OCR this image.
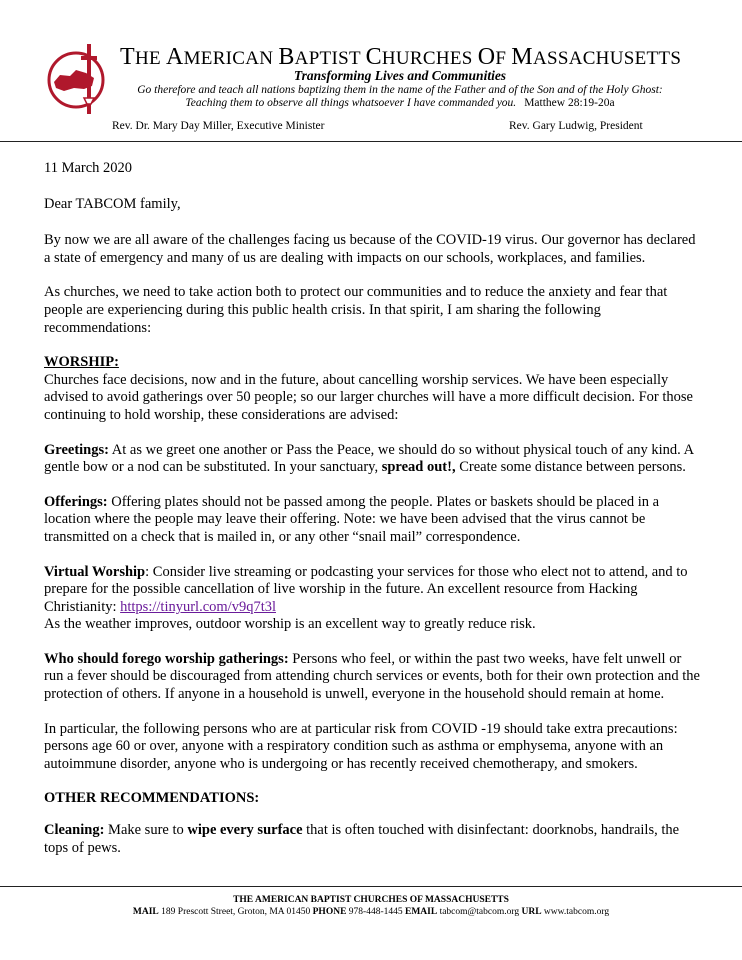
THE AMERICAN BAPTIST CHURCHES OF MASSACHUSETTS
Transforming Lives and Communities
Go therefore and teach all nations baptizing them in the name of the Father and of the Son and of the Holy Ghost:
Teaching them to observe all things whatsoever I have commanded you. Matthew 28:19-20a
Rev. Dr. Mary Day Miller, Executive Minister	Rev. Gary Ludwig, President

11 March 2020

Dear TABCOM family,

By now we are all aware of the challenges facing us because of the COVID-19 virus. Our governor has declared a state of emergency and many of us are dealing with impacts on our schools, workplaces, and families.

As churches, we need to take action both to protect our communities and to reduce the anxiety and fear that people are experiencing during this public health crisis. In that spirit, I am sharing the following recommendations:

WORSHIP:

Churches face decisions, now and in the future, about cancelling worship services. We have been especially advised to avoid gatherings over 50 people; so our larger churches will have a more difficult decision. For those continuing to hold worship, these considerations are advised:

Greetings: At as we greet one another or Pass the Peace, we should do so without physical touch of any kind. A gentle bow or a nod can be substituted. In your sanctuary, spread out!, Create some distance between persons.

Offerings: Offering plates should not be passed among the people. Plates or baskets should be placed in a location where the people may leave their offering. Note: we have been advised that the virus cannot be transmitted on a check that is mailed in, or any other “snail mail” correspondence.

Virtual Worship: Consider live streaming or podcasting your services for those who elect not to attend, and to prepare for the possible cancellation of live worship in the future. An excellent resource from Hacking Christianity: https://tinyurl.com/v9q7t3l
As the weather improves, outdoor worship is an excellent way to greatly reduce risk.

Who should forego worship gatherings: Persons who feel, or within the past two weeks, have felt unwell or run a fever should be discouraged from attending church services or events, both for their own protection and the protection of others. If anyone in a household is unwell, everyone in the household should remain at home.

In particular, the following persons who are at particular risk from COVID -19 should take extra precautions: persons age 60 or over, anyone with a respiratory condition such as asthma or emphysema, anyone with an autoimmune disorder, anyone who is undergoing or has recently received chemotherapy, and smokers.

OTHER RECOMMENDATIONS:

Cleaning: Make sure to wipe every surface that is often touched with disinfectant: doorknobs, handrails, the tops of pews.

THE AMERICAN BAPTIST CHURCHES OF MASSACHUSETTS
MAIL 189 Prescott Street, Groton, MA 01450 PHONE 978-448-1445 EMAIL tabcom@tabcom.org URL www.tabcom.org
